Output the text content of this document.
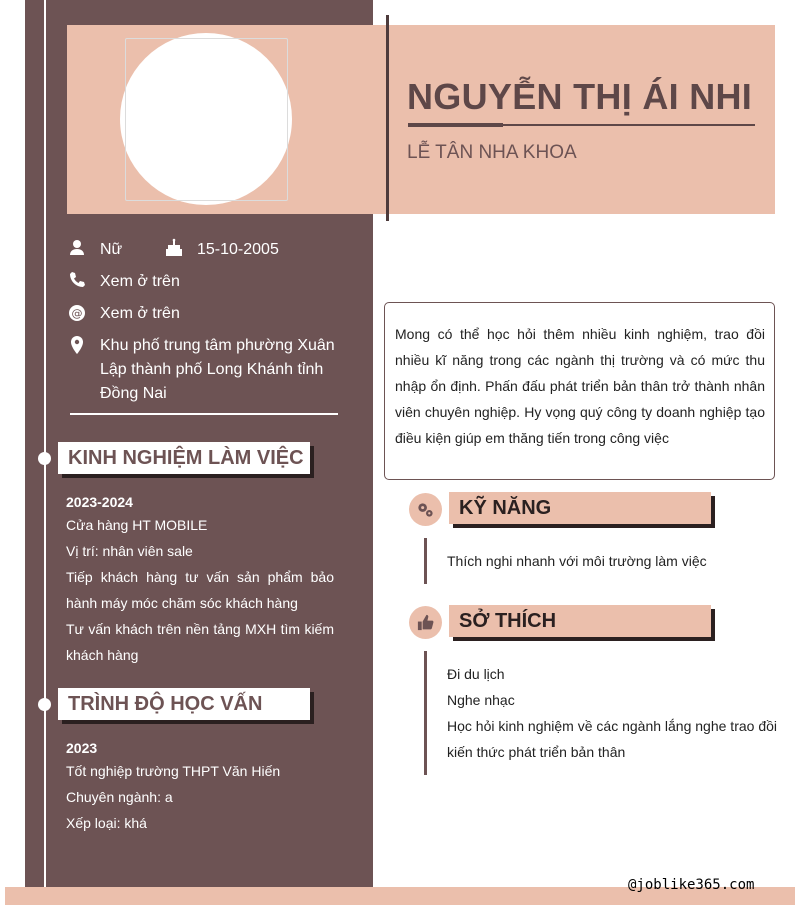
NGUYỄN THỊ ÁI NHI
LỄ TÂN NHA KHOA
Nữ	15-10-2005
Xem ở trên
@ Xem ở trên
Khu phố trung tâm phường Xuân Lập thành phố Long Khánh tỉnh Đồng Nai
KINH NGHIỆM LÀM VIỆC
2023-2024
Cửa hàng HT MOBILE
Vị trí: nhân viên sale
Tiếp khách hàng tư vấn sản phẩm bảo hành máy móc chăm sóc khách hàng
Tư vấn khách trên nền tảng MXH tìm kiếm khách hàng
TRÌNH ĐỘ HỌC VẤN
2023
Tốt nghiệp trường THPT Văn Hiến
Chuyên ngành: a
Xếp loại: khá
Mong có thể học hỏi thêm nhiều kinh nghiệm, trao đồi nhiều kĩ năng trong các ngành thị trường và có mức thu nhập ổn định. Phấn đấu phát triển bản thân trở thành nhân viên chuyên nghiệp. Hy vọng quý công ty doanh nghiệp tạo điều kiện giúp em thăng tiến trong công việc
KỸ NĂNG
Thích nghi nhanh với môi trường làm việc
SỞ THÍCH
Đi du lịch
Nghe nhạc
Học hỏi kinh nghiệm về các ngành lắng nghe trao đồi kiến thức phát triển bản thân
@joblike365.com
